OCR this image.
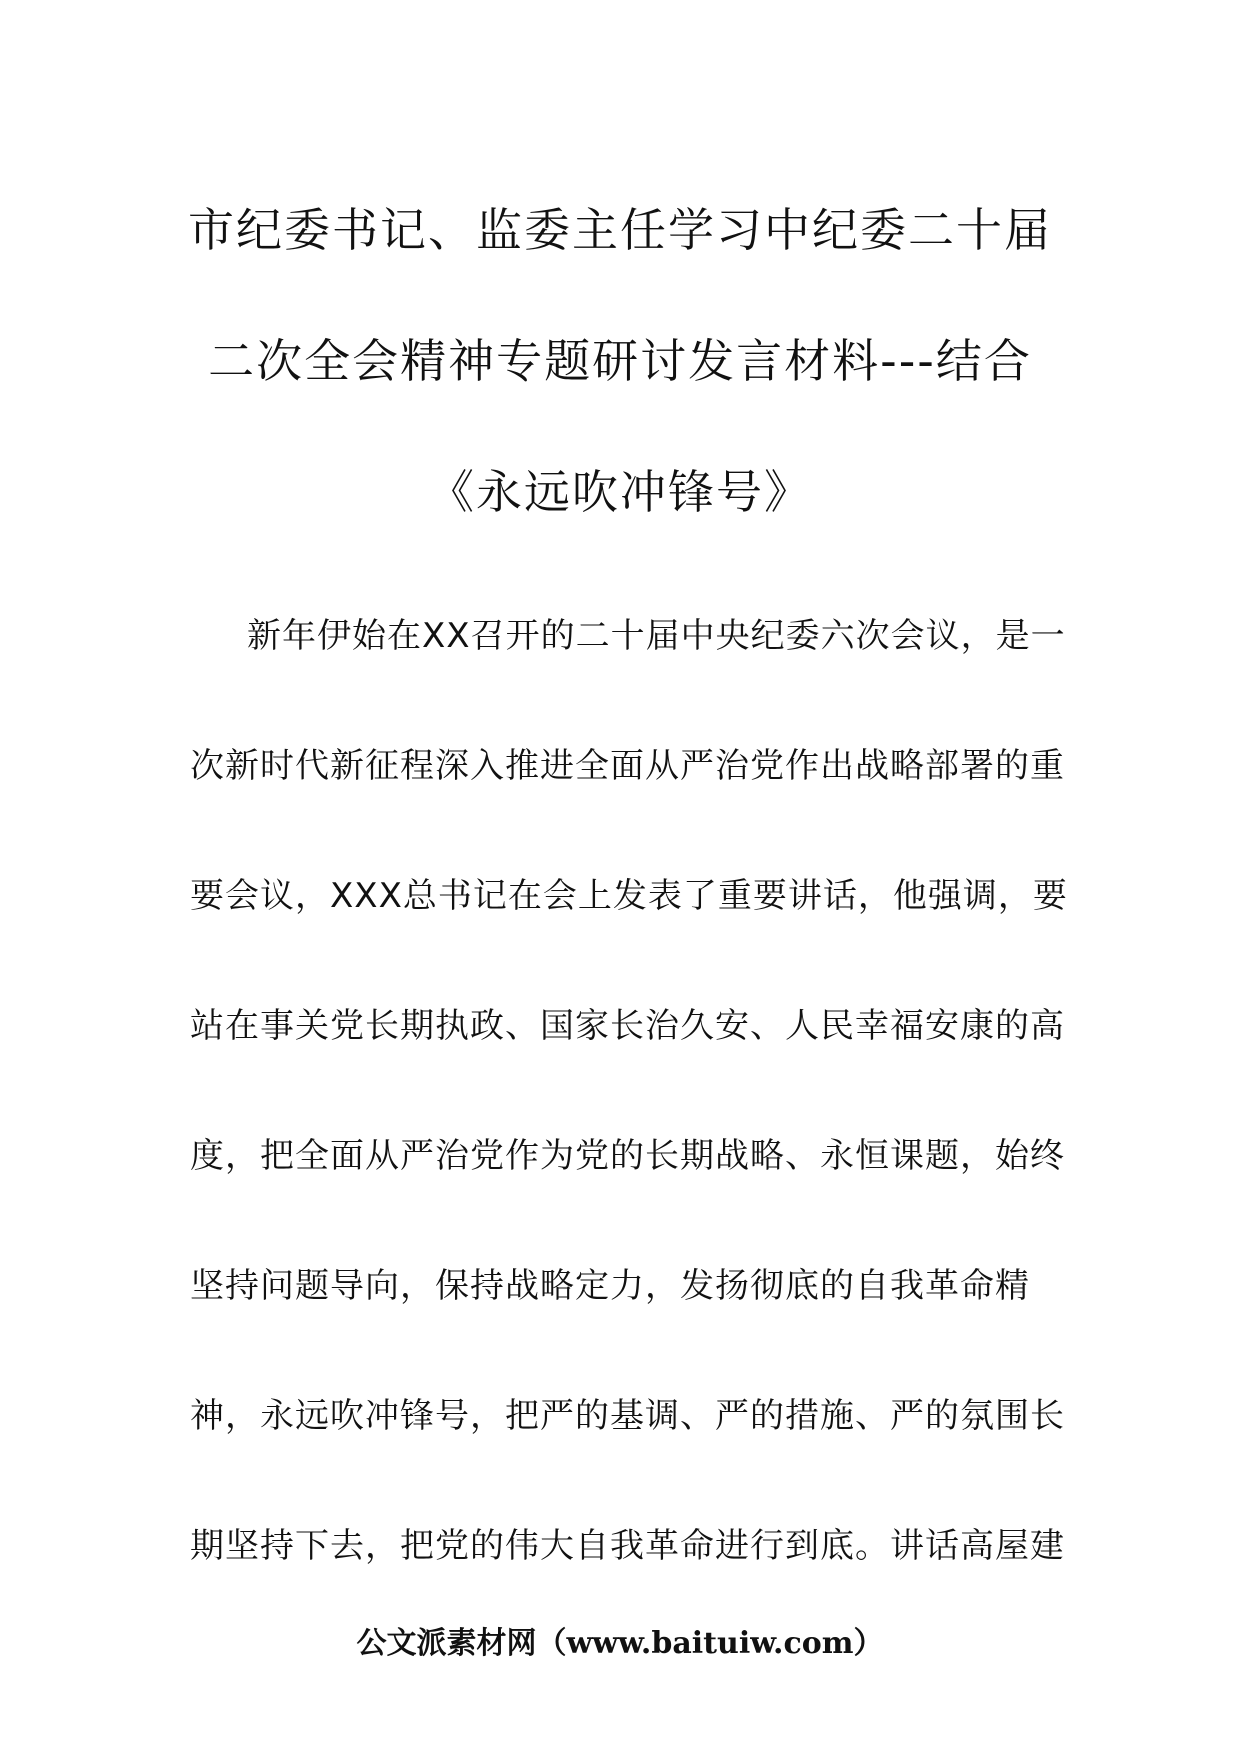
市纪委书记、监委主任学习中纪委二十届
二次全会精神专题研讨发言材料---结合
《永远吹冲锋号》
新年伊始在XX召开的二十届中央纪委六次会议，是一
次新时代新征程深入推进全面从严治党作出战略部署的重
要会议，XXX总书记在会上发表了重要讲话，他强调，要
站在事关党长期执政、国家长治久安、人民幸福安康的高
度，把全面从严治党作为党的长期战略、永恒课题，始终
坚持问题导向，保持战略定力，发扬彻底的自我革命精
神，永远吹冲锋号，把严的基调、严的措施、严的氛围长
期坚持下去，把党的伟大自我革命进行到底。讲话高屋建
公文派素材网（www.baituiw.com）
